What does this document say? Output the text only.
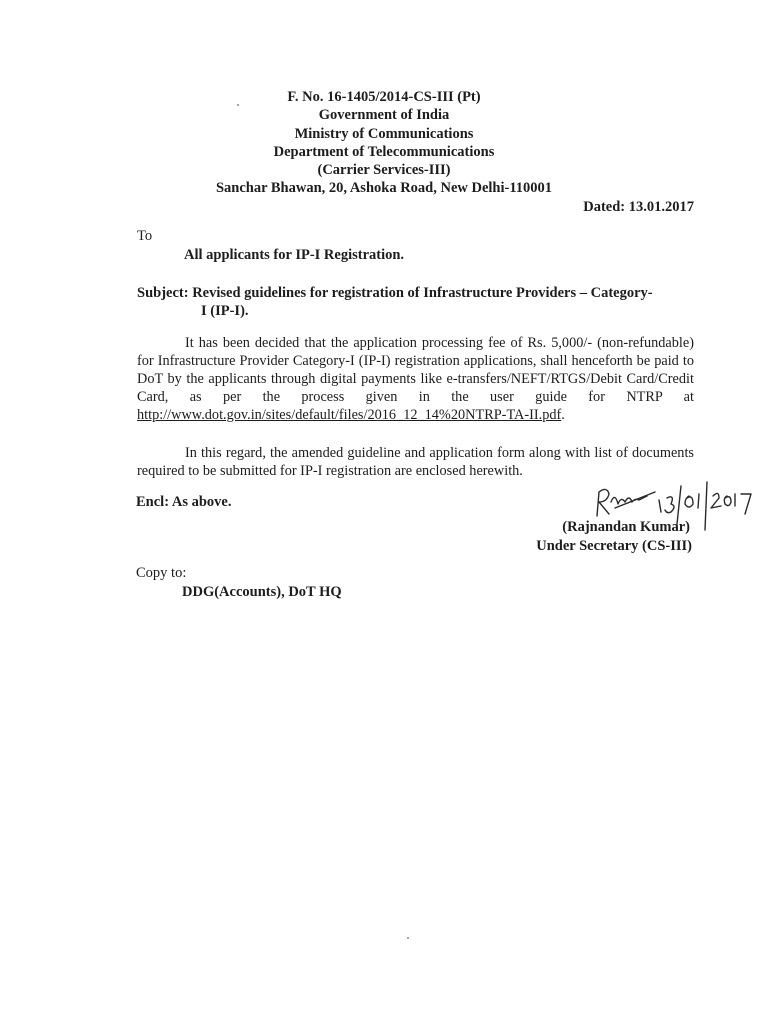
F. No. 16-1405/2014-CS-III (Pt)
Government of India
Ministry of Communications
Department of Telecommunications
(Carrier Services-III)
Sanchar Bhawan, 20, Ashoka Road, New Delhi-110001
Dated: 13.01.2017
To
All applicants for IP-I Registration.
Subject: Revised guidelines for registration of Infrastructure Providers – Category-
I (IP-I).
It has been decided that the application processing fee of Rs. 5,000/- (non-refundable) for Infrastructure Provider Category-I (IP-I) registration applications, shall henceforth be paid to DoT by the applicants through digital payments like e-transfers/NEFT/RTGS/Debit Card/Credit Card, as per the process given in the user guide for NTRP at http://www.dot.gov.in/sites/default/files/2016_12_14%20NTRP-TA-II.pdf.
In this regard, the amended guideline and application form along with list of documents required to be submitted for IP-I registration are enclosed herewith.
Encl: As above.
(Rajnandan Kumar)
Under Secretary (CS-III)
Copy to:
DDG(Accounts), DoT HQ
